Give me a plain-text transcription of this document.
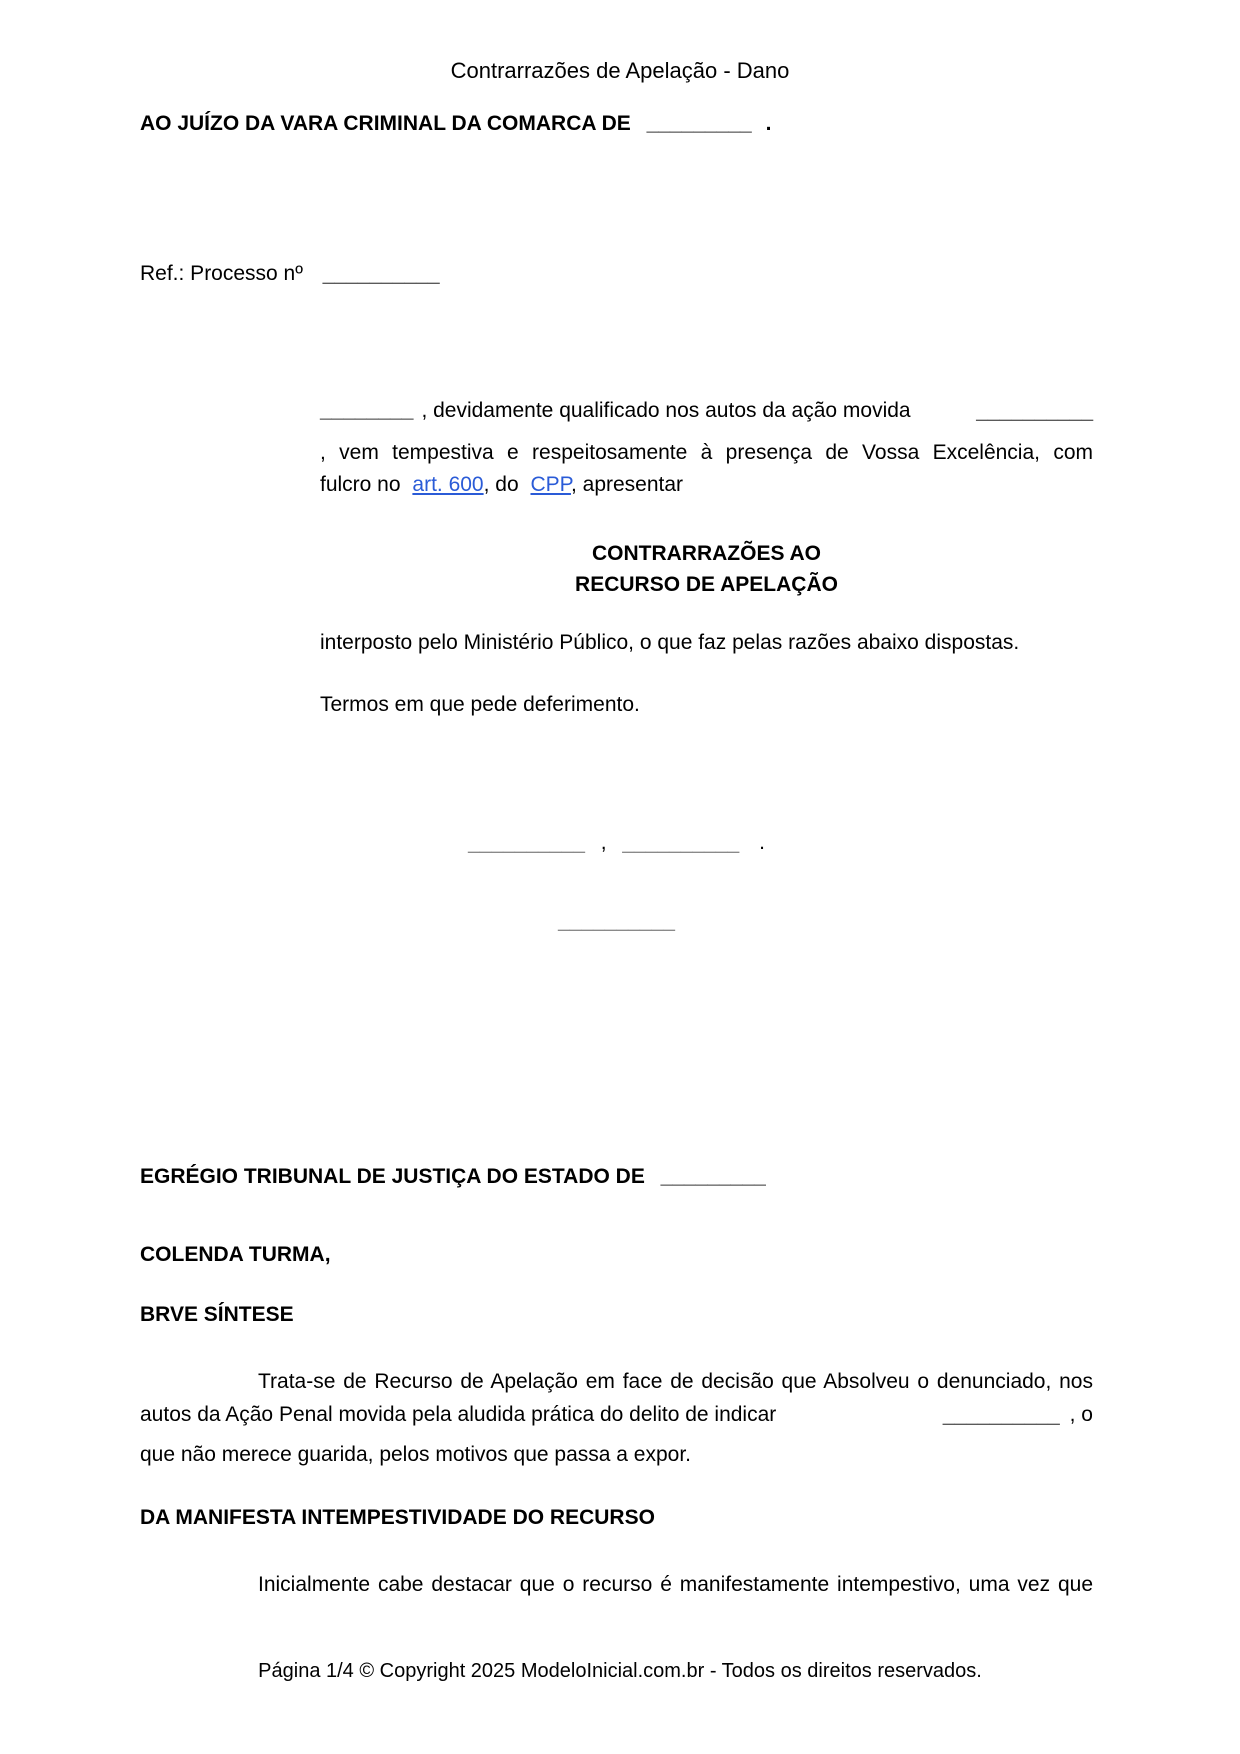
Contrarrazões de Apelação - Dano
AO JUÍZO DA VARA CRIMINAL DA COMARCA DE _________ .
Ref.: Processo nº __________
________ , devidamente qualificado nos autos da ação movida	__________
, vem tempestiva e respeitosamente à presença de Vossa Excelência, com
fulcro no art. 600, do CPP, apresentar
CONTRARRAZÕES AO
RECURSO DE APELAÇÃO
interposto pelo Ministério Público, o que faz pelas razões abaixo dispostas.
Termos em que pede deferimento.
__________ , __________ .
__________
EGRÉGIO TRIBUNAL DE JUSTIÇA DO ESTADO DE _________
COLENDA TURMA,
BRVE SÍNTESE
Trata-se de Recurso de Apelação em face de decisão que Absolveu o denunciado, nos
autos da Ação Penal movida pela aludida prática do delito de indicar	__________ , o
que não merece guarida, pelos motivos que passa a expor.
DA MANIFESTA INTEMPESTIVIDADE DO RECURSO
Inicialmente cabe destacar que o recurso é manifestamente intempestivo, uma vez que
Página 1/4 © Copyright 2025 ModeloInicial.com.br - Todos os direitos reservados.
